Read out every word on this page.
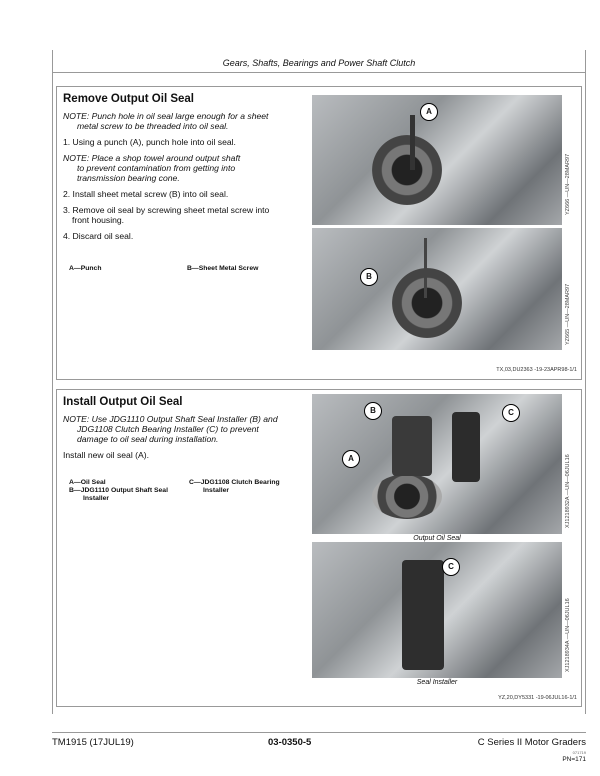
Gears, Shafts, Bearings and Power Shaft Clutch
Remove Output Oil Seal

NOTE: Punch hole in oil seal large enough for a sheet
metal screw to be threaded into oil seal.

1. Using a punch (A), punch hole into oil seal.

NOTE: Place a shop towel around output shaft
to prevent contamination from getting into
transmission bearing cone.

2. Install sheet metal screw (B) into oil seal.

3. Remove oil seal by screwing sheet metal screw into
front housing.

4. Discard oil seal.

A—Punch	B—Sheet Metal Screw
A
YZ666 —UN—28MAR97
B
YZ665 —UN—28MAR97
TX,03,DU2363 -19-23APR98-1/1
Install Output Oil Seal

NOTE: Use JDG1110 Output Shaft Seal Installer (B) and
JDG1108 Clutch Bearing Installer (C) to prevent
damage to oil seal during installation.

Install new oil seal (A).

A—Oil Seal
B—JDG1110 Output Shaft Seal
Installer
C—JDG1108 Clutch Bearing
Installer
B	C
A
Output Oil Seal
XJ1218932A —UN—06JUL16
C
Seal Installer
XJ1218934A —UN—06JUL16
YZ,20,DY5331 -19-06JUL16-1/1
TM1915 (17JUL19)	03-0350-5	C Series II Motor Graders
071719
PN=171
